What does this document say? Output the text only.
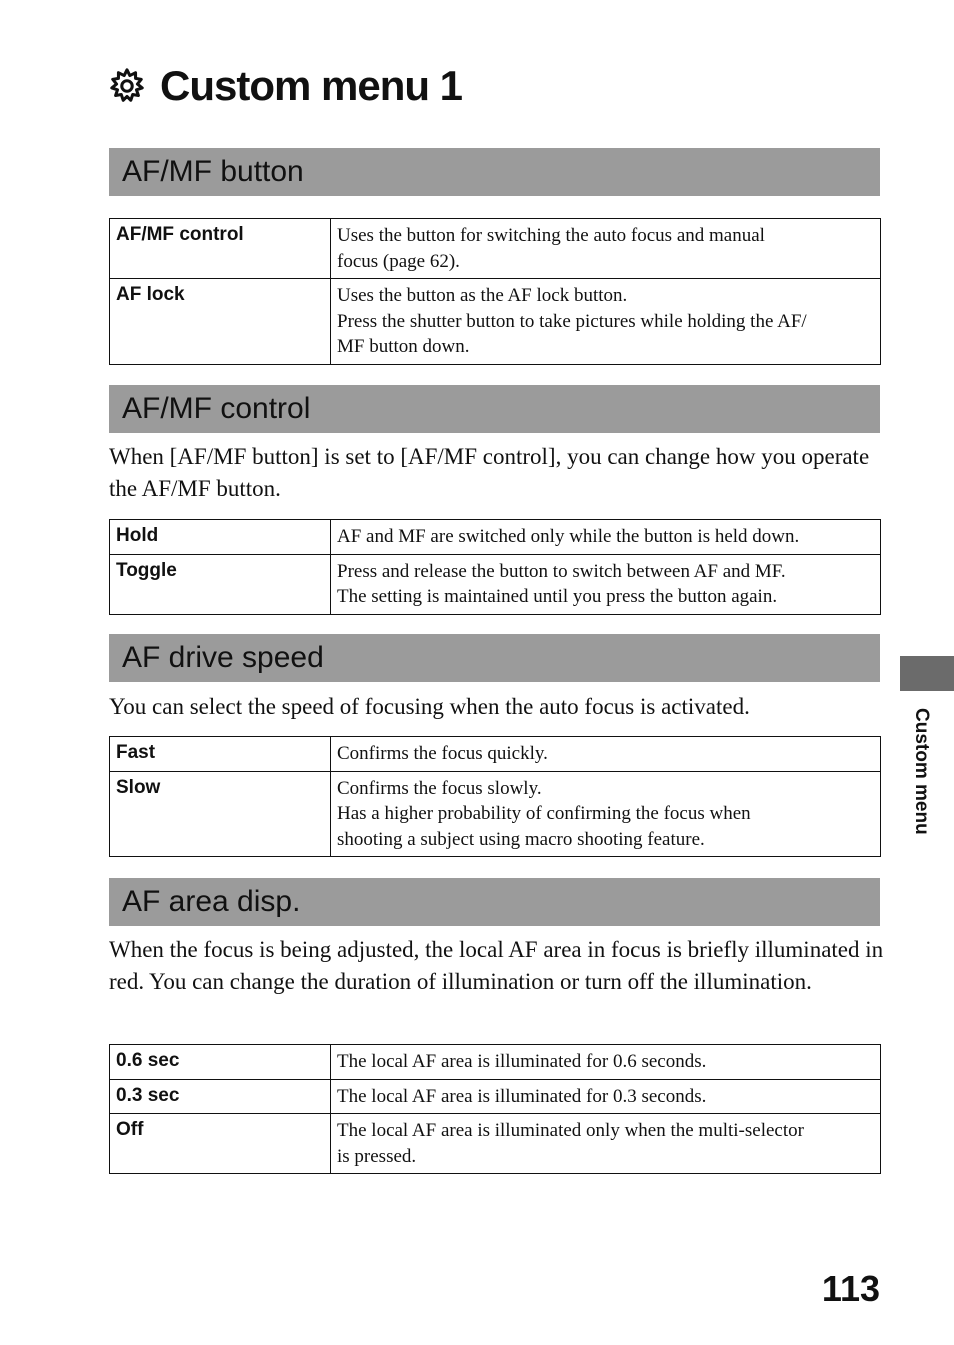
Custom menu 1
AF/MF button
AF/MF control	Uses the button for switching the auto focus and manual
focus (page 62).

AF lock	Uses the button as the AF lock button.
Press the shutter button to take pictures while holding the AF/
MF button down.
AF/MF control
When [AF/MF button] is set to [AF/MF control], you can change how you operate the AF/MF button.
Hold	AF and MF are switched only while the button is held down.

Toggle	Press and release the button to switch between AF and MF.
The setting is maintained until you press the button again.
AF drive speed
You can select the speed of focusing when the auto focus is activated.
Fast	Confirms the focus quickly.

Slow	Confirms the focus slowly.
Has a higher probability of confirming the focus when
shooting a subject using macro shooting feature.
AF area disp.
When the focus is being adjusted, the local AF area in focus is briefly illuminated in red. You can change the duration of illumination or turn off the illumination.
0.6 sec	The local AF area is illuminated for 0.6 seconds.

0.3 sec	The local AF area is illuminated for 0.3 seconds.

Off	The local AF area is illuminated only when the multi-selector
is pressed.
Custom menu
113
